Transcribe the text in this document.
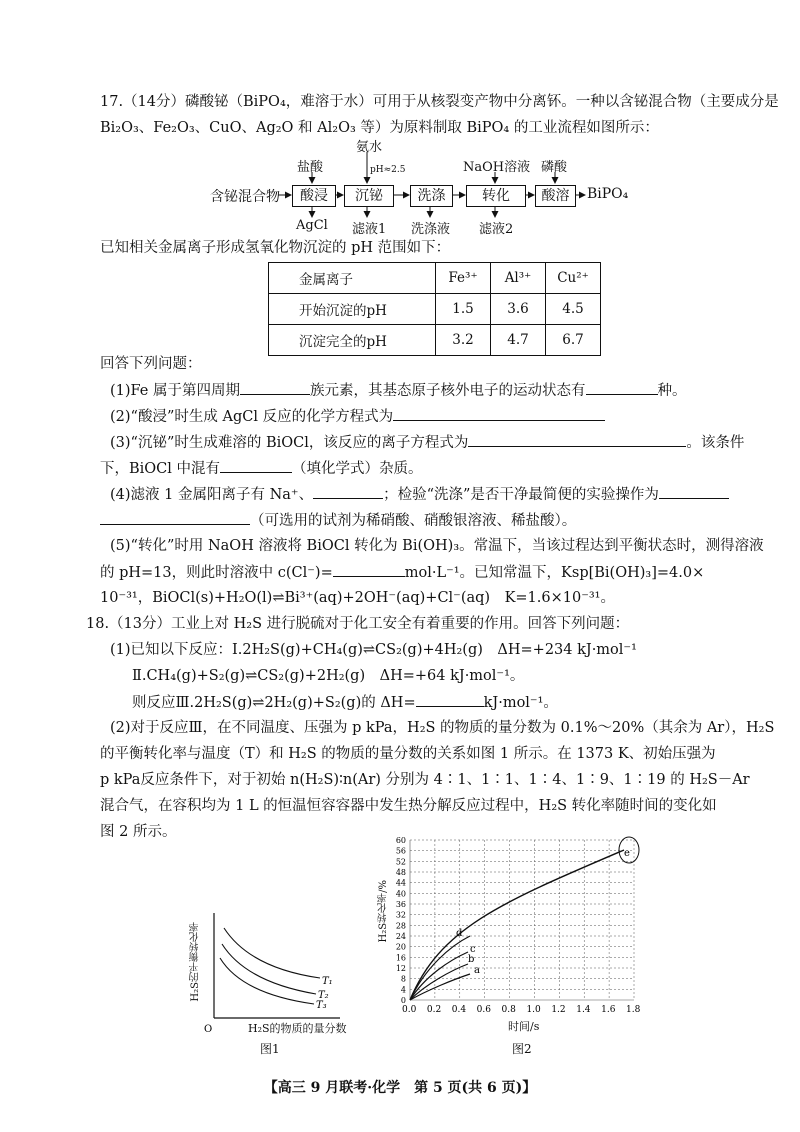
17.（14分）磷酸铋（BiPO₄，难溶于水）可用于从核裂变产物中分离钚。一种以含铋混合物（主要成分是
Bi₂O₃、Fe₂O₃、CuO、Ag₂O 和 Al₂O₃ 等）为原料制取 BiPO₄ 的工业流程如图所示：
含铋混合物	酸浸	沉铋	洗涤	转化	酸溶	BiPO₄
盐酸
氨水
pH≈2.5	NaOH溶液 磷酸
AgCl 滤液1 洗涤液 滤液2
已知相关金属离子形成氢氧化物沉淀的 pH 范围如下：
金属离子	Fe³⁺	Al³⁺	Cu²⁺
开始沉淀的pH	1.5	3.6	4.5
沉淀完全的pH	3.2	4.7	6.7
回答下列问题：
(1)Fe 属于第四周期	族元素，其基态原子核外电子的运动状态有	种。
(2)“酸浸”时生成 AgCl 反应的化学方程式为
(3)“沉铋”时生成难溶的 BiOCl，该反应的离子方程式为	。该条件
下，BiOCl 中混有	（填化学式）杂质。
(4)滤液 1 金属阳离子有 Na⁺、	；检验“洗涤”是否干净最简便的实验操作为
（可选用的试剂为稀硝酸、硝酸银溶液、稀盐酸）。
(5)“转化”时用 NaOH 溶液将 BiOCl 转化为 Bi(OH)₃。常温下，当该过程达到平衡状态时，测得溶液
的 pH=13，则此时溶液中 c(Cl⁻)=	mol·L⁻¹。已知常温下，Ksp[Bi(OH)₃]=4.0×
10⁻³¹，BiOCl(s)+H₂O(l)⇌Bi³⁺(aq)+2OH⁻(aq)+Cl⁻(aq)　K=1.6×10⁻³¹。
18.（13分）工业上对 H₂S 进行脱硫对于化工安全有着重要的作用。回答下列问题：
(1)已知以下反应：Ⅰ.2H₂S(g)+CH₄(g)⇌CS₂(g)+4H₂(g)　ΔH=+234 kJ·mol⁻¹
Ⅱ.CH₄(g)+S₂(g)⇌CS₂(g)+2H₂(g)　ΔH=+64 kJ·mol⁻¹。
则反应Ⅲ.2H₂S(g)⇌2H₂(g)+S₂(g)的 ΔH=	kJ·mol⁻¹。
(2)对于反应Ⅲ，在不同温度、压强为 p kPa，H₂S 的物质的量分数为 0.1%～20%（其余为 Ar），H₂S
的平衡转化率与温度（T）和 H₂S 的物质的量分数的关系如图 1 所示。在 1373 K、初始压强为
p kPa反应条件下，对于初始 n(H₂S)∶n(Ar) 分别为 4∶1、1∶1、1∶4、1∶9、1∶19 的 H₂S－Ar
混合气，在容积均为 1 L 的恒温恒容容器中发生热分解反应过程中，H₂S 转化率随时间的变化如
图 2 所示。
T₁
T₂
T₃
O
H₂S的平衡转化率
H₂S的物质的量分数
图1
0.0 0.2 0.4 0.6 0.8 1.0 1.2 1.4 1.6 1.8
0
4
8
12
16
20
24
28
32
36
40
44
48
52
56
60
d
c
b
a
e
H₂S转化率/%
时间/s
图2
【高三 9 月联考·化学　第 5 页(共 6 页)】
